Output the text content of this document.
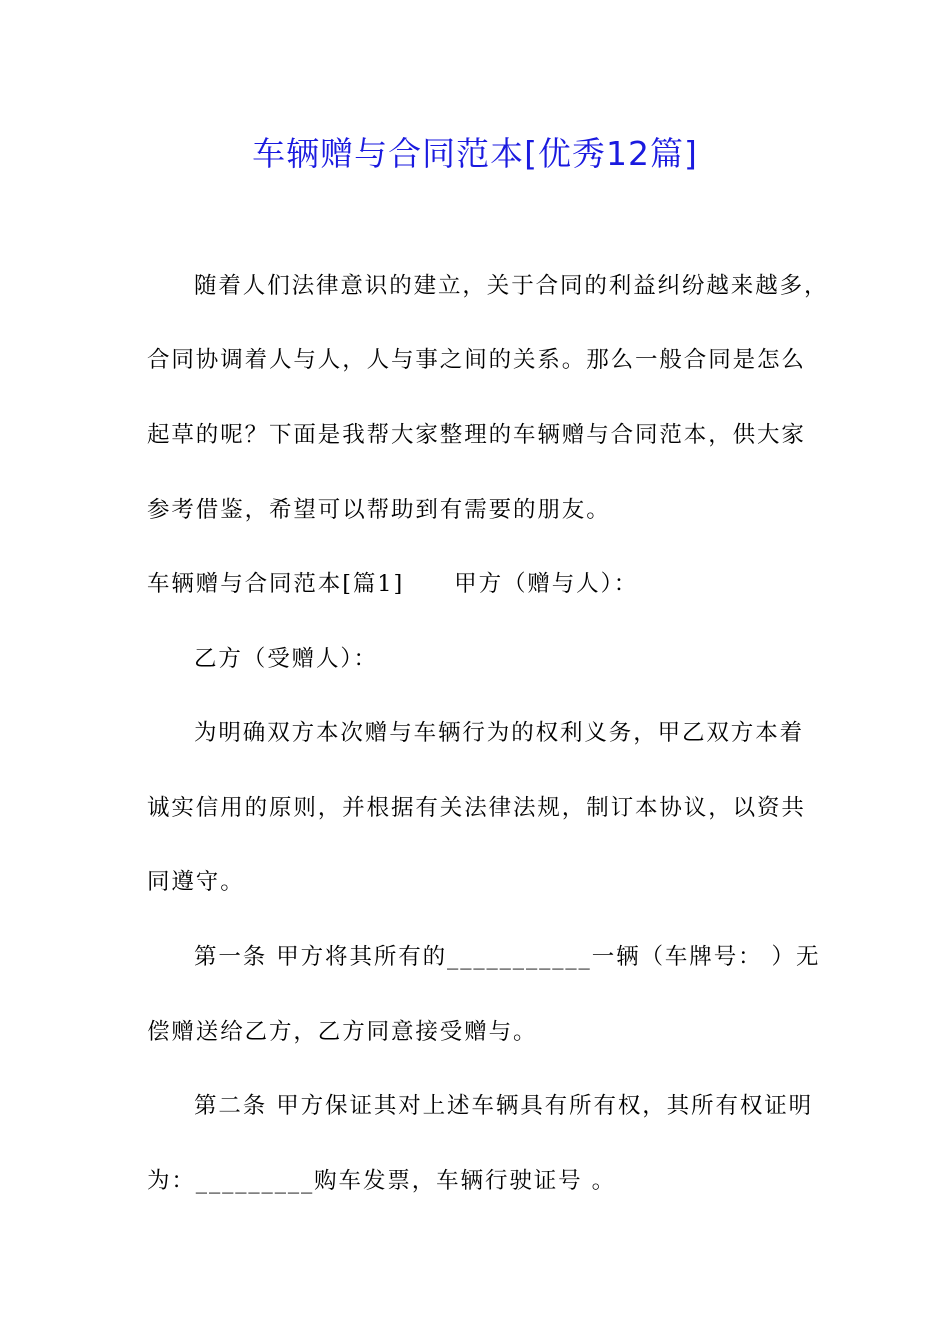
车辆赠与合同范本[优秀12篇]
随着人们法律意识的建立，关于合同的利益纠纷越来越多，
合同协调着人与人，人与事之间的关系。那么一般合同是怎么
起草的呢？下面是我帮大家整理的车辆赠与合同范本，供大家
参考借鉴，希望可以帮助到有需要的朋友。
车辆赠与合同范本[篇1] 甲方（赠与人）：
乙方（受赠人）：
为明确双方本次赠与车辆行为的权利义务，甲乙双方本着
诚实信用的原则，并根据有关法律法规，制订本协议，以资共
同遵守。
第一条 甲方将其所有的___________一辆（车牌号： ）无
偿赠送给乙方，乙方同意接受赠与。
第二条 甲方保证其对上述车辆具有所有权，其所有权证明
为：_________购车发票，车辆行驶证号 。
